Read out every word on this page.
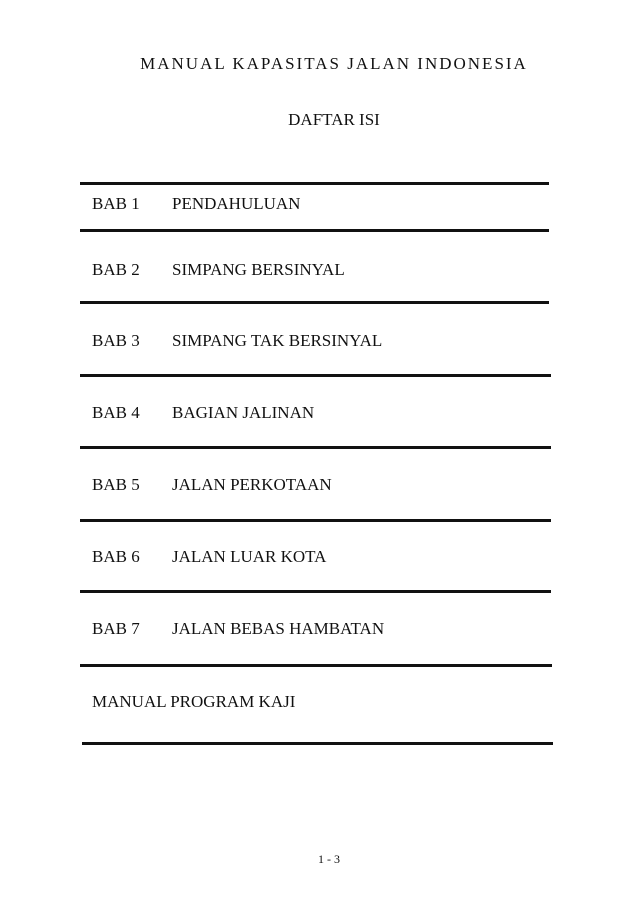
MANUAL KAPASITAS JALAN INDONESIA
DAFTAR ISI
BAB 1 PENDAHULUAN
BAB 2 SIMPANG BERSINYAL
BAB 3 SIMPANG TAK BERSINYAL
BAB 4 BAGIAN JALINAN
BAB 5 JALAN PERKOTAAN
BAB 6 JALAN LUAR KOTA
BAB 7 JALAN BEBAS HAMBATAN
MANUAL PROGRAM KAJI
1 - 3
